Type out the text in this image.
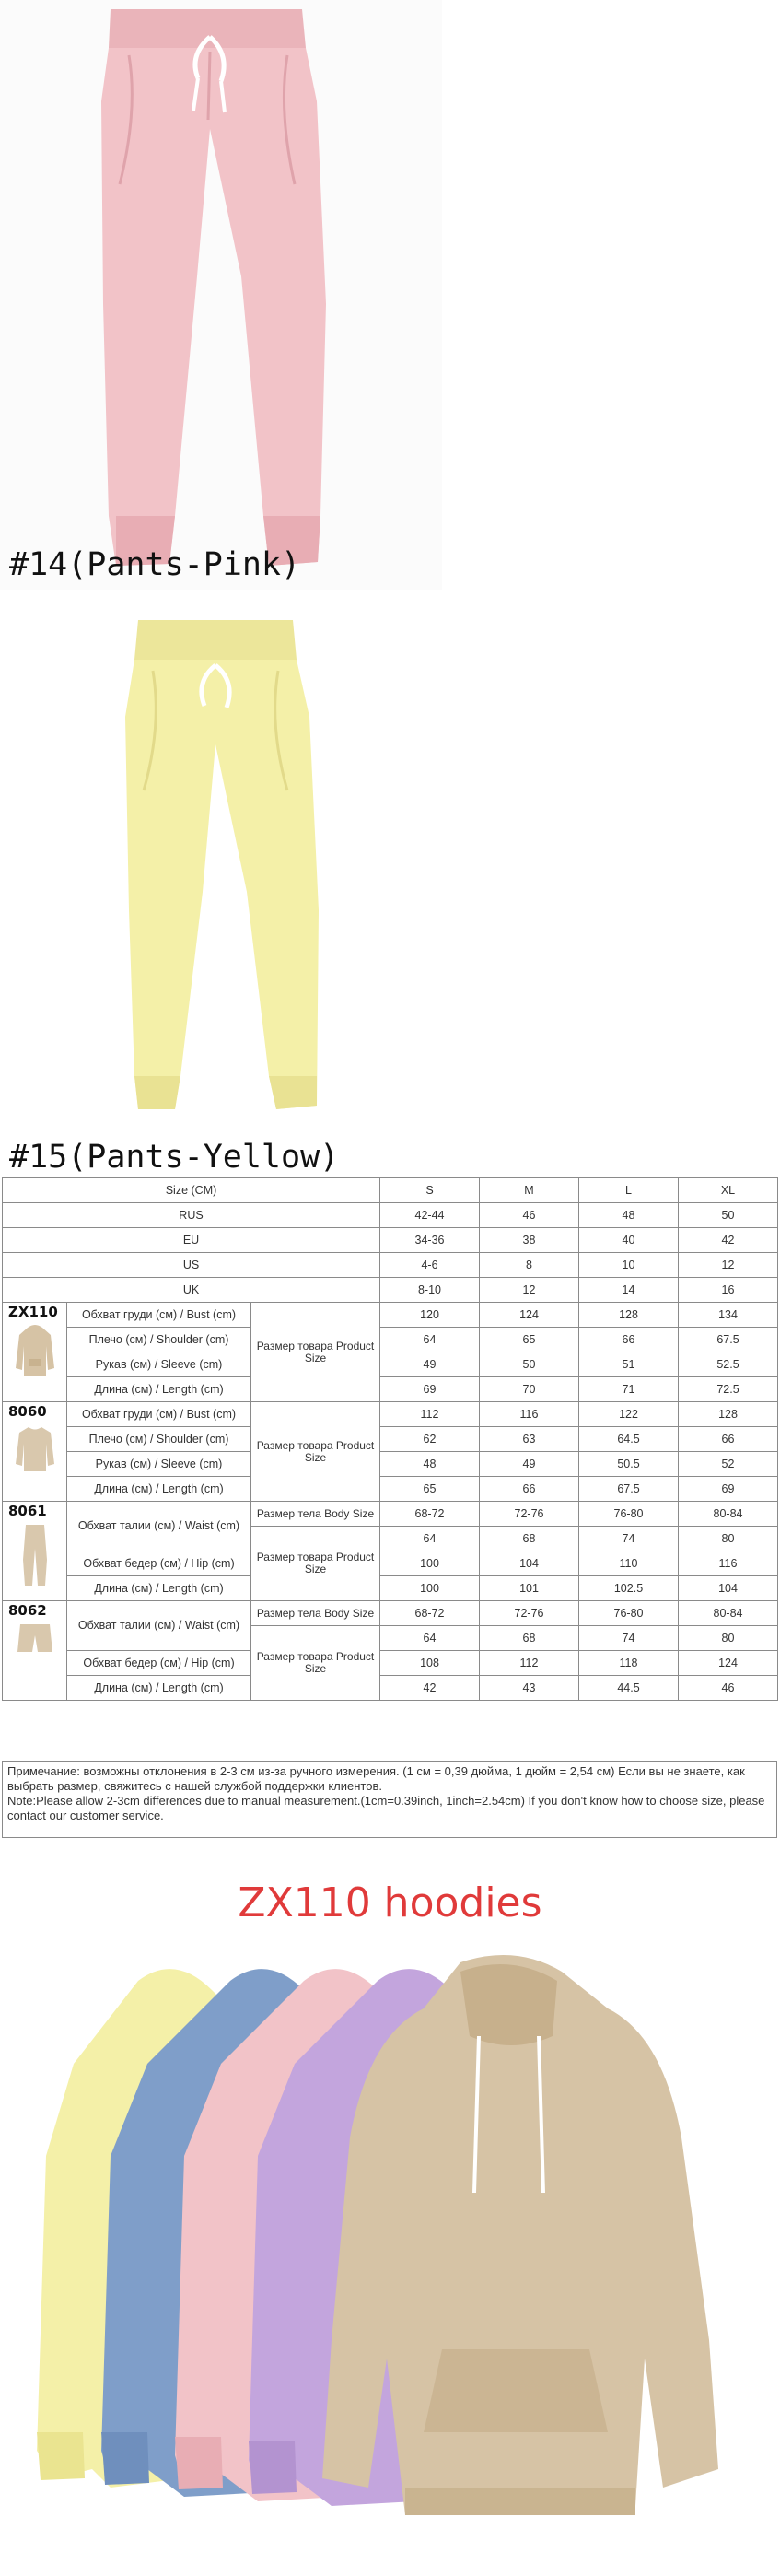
#14(Pants-Pink)
#15(Pants-Yellow)
Size (CM)			S	M	L	XL
RUS			42-44	46	48	50
EU			34-36	38	40	42
US			4-6	8	10	12
UK			8-10	12	14	16

ZX110	Обхват груди (см) / Bust (cm)	Размер товара Product Size	120	124	128	134
	Плечо (см) / Shoulder (cm)		64	65	66	67.5
	Рукав (см) / Sleeve (cm)		49	50	51	52.5
	Длина (см) / Length (cm)		69	70	71	72.5

8060	Обхват груди (см) / Bust (cm)	Размер товара Product Size	112	116	122	128
	Плечо (см) / Shoulder (cm)		62	63	64.5	66
	Рукав (см) / Sleeve (cm)		48	49	50.5	52
	Длина (см) / Length (cm)		65	66	67.5	69

8061	Обхват талии (см) / Waist (cm)	Размер тела Body Size	68-72	72-76	76-80	80-84
		Размер товара Product Size	64	68	74	80
	Обхват бедер (см) / Hip (cm)		100	104	110	116
	Длина (см) / Length (cm)		100	101	102.5	104

8062	Обхват талии (см) / Waist (cm)	Размер тела Body Size	68-72	72-76	76-80	80-84
		Размер товара Product Size	64	68	74	80
	Обхват бедер (см) / Hip (cm)		108	112	118	124
	Длина (см) / Length (cm)		42	43	44.5	46

Примечание: возможны отклонения в 2-3 см из-за ручного измерения. (1 см = 0,39 дюйма, 1 дюйм = 2,54 см) Если вы не знаете, как выбрать размер, свяжитесь с нашей службой поддержки клиентов.

Note:Please allow 2-3cm differences due to manual measurement.(1cm=0.39inch, 1inch=2.54cm) If you don't know how to choose size, please contact our customer service.

ZX110 hoodies
